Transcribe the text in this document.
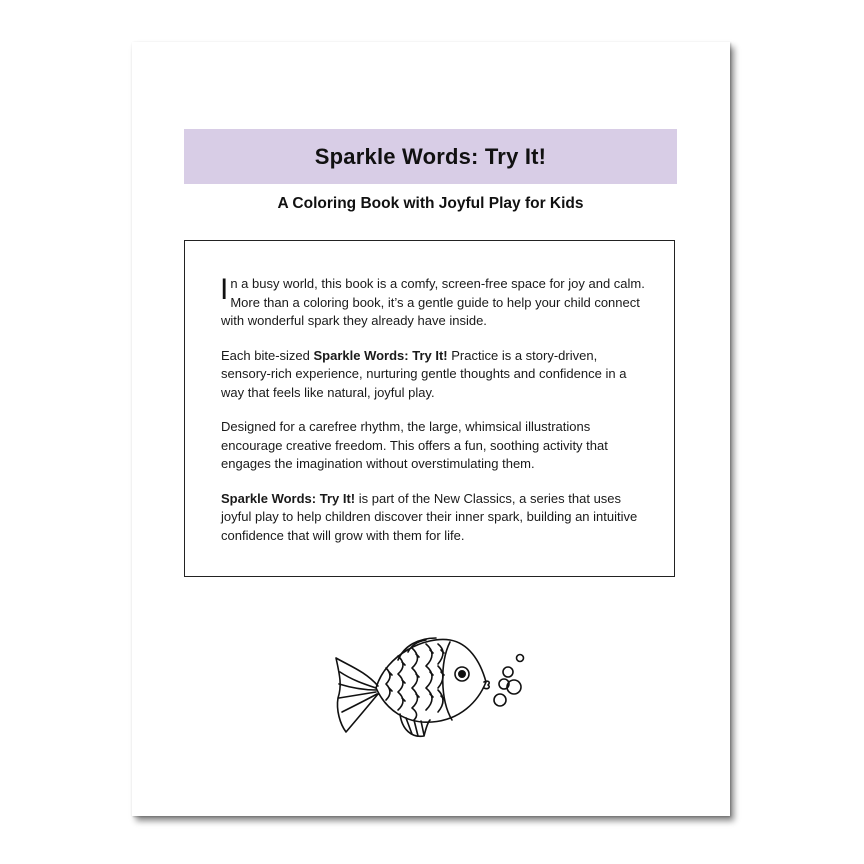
Sparkle Words: Try It!
A Coloring Book with Joyful Play for Kids

In a busy world, this book is a comfy, screen-free space for joy and calm. More than a coloring book, it’s a gentle guide to help your child connect with wonderful spark they already have inside.

Each bite-sized Sparkle Words: Try It! Practice is a story-driven, sensory-rich experience, nurturing gentle thoughts and confidence in a way that feels like natural, joyful play.

Designed for a carefree rhythm, the large, whimsical illustrations encourage creative freedom. This offers a fun, soothing activity that engages the imagination without overstimulating them.

Sparkle Words: Try It! is part of the New Classics, a series that uses joyful play to help children discover their inner spark, building an intuitive confidence that will grow with them for life.
